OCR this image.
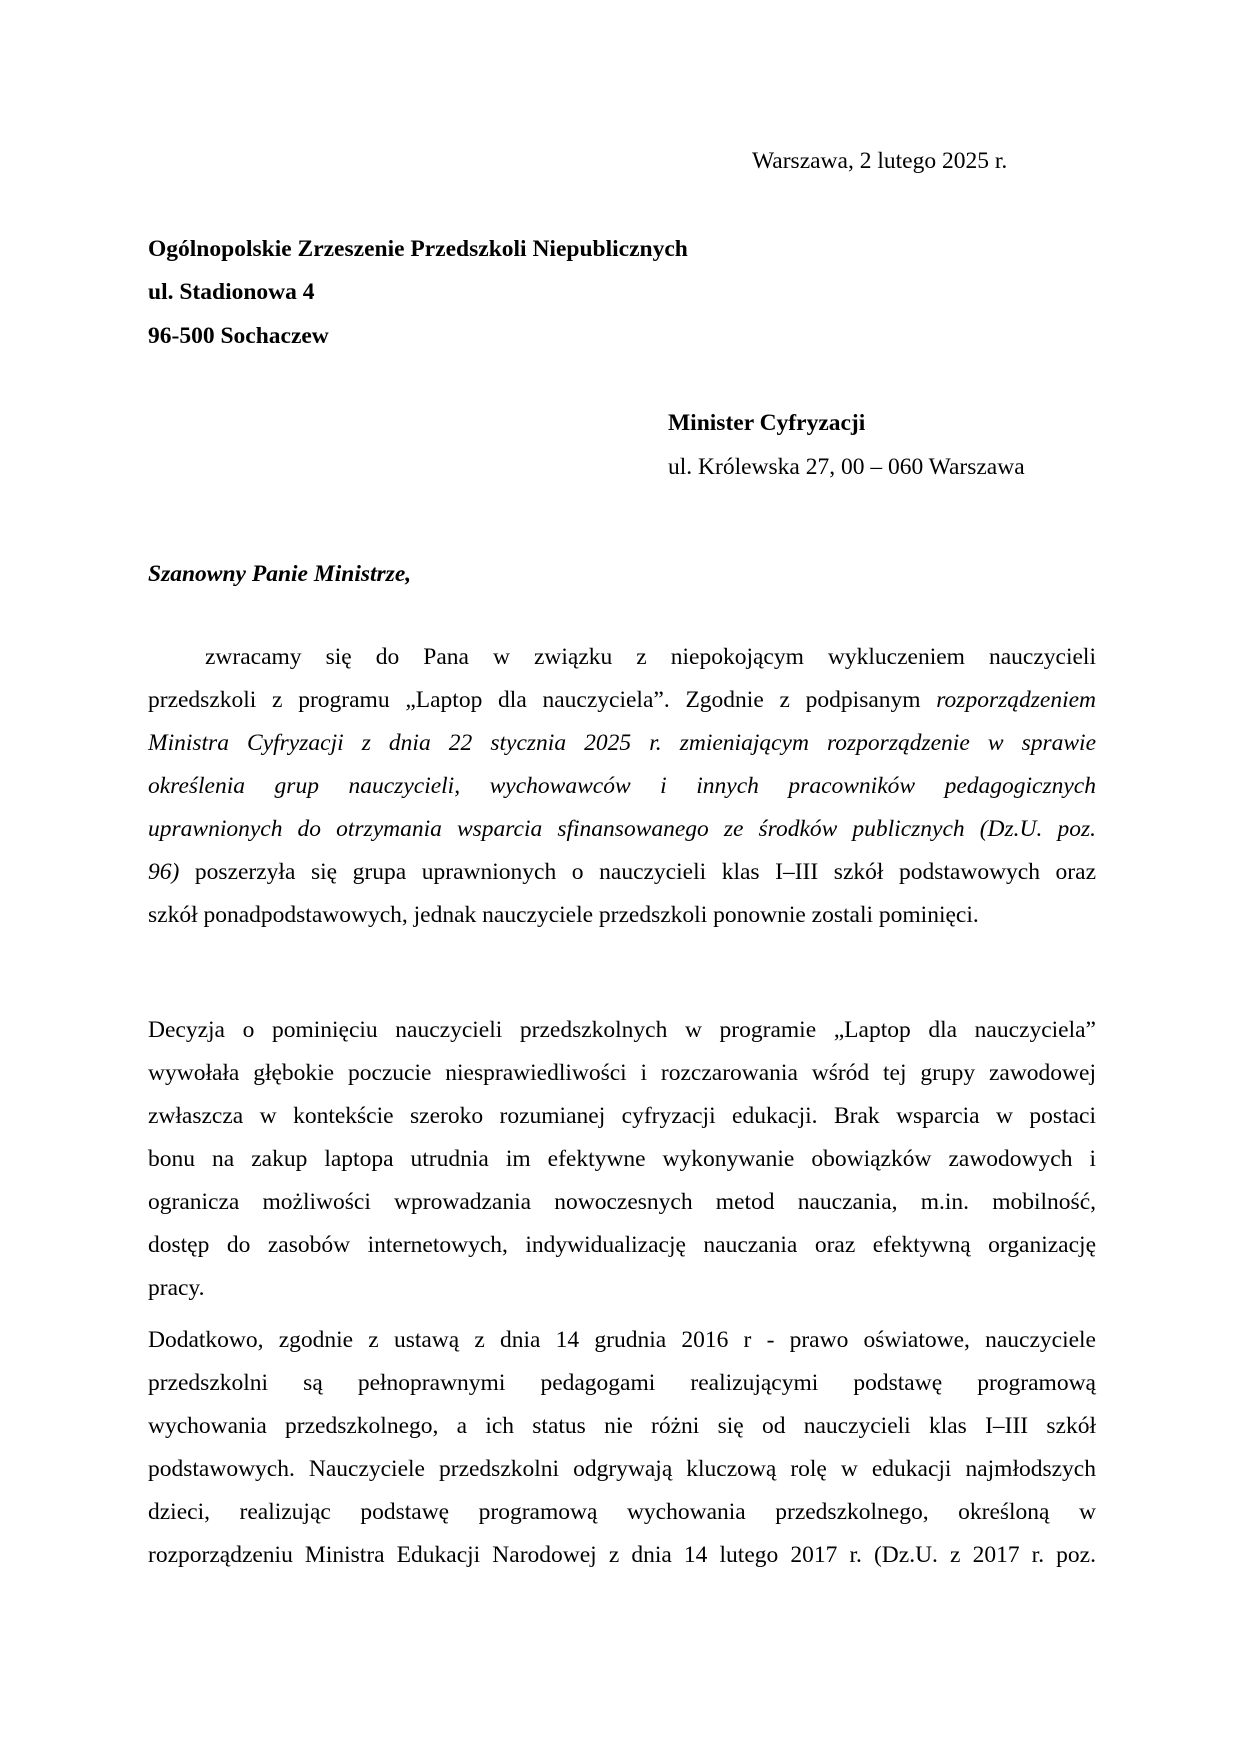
Warszawa, 2 lutego 2025 r.
Ogólnopolskie Zrzeszenie Przedszkoli Niepublicznych
ul. Stadionowa 4
96-500 Sochaczew
Minister Cyfryzacji
ul. Królewska 27, 00 – 060 Warszawa
Szanowny Panie Ministrze,
zwracamy się do Pana w związku z niepokojącym wykluczeniem nauczycieli
przedszkoli z programu „Laptop dla nauczyciela”. Zgodnie z podpisanym rozporządzeniem
Ministra Cyfryzacji z dnia 22 stycznia 2025 r. zmieniającym rozporządzenie w sprawie
określenia grup nauczycieli, wychowawców i innych pracowników pedagogicznych
uprawnionych do otrzymania wsparcia sfinansowanego ze środków publicznych (Dz.U. poz.
96) poszerzyła się grupa uprawnionych o nauczycieli klas I–III szkół podstawowych oraz
szkół ponadpodstawowych, jednak nauczyciele przedszkoli ponownie zostali pominięci.
Decyzja o pominięciu nauczycieli przedszkolnych w programie „Laptop dla nauczyciela”
wywołała głębokie poczucie niesprawiedliwości i rozczarowania wśród tej grupy zawodowej
zwłaszcza w kontekście szeroko rozumianej cyfryzacji edukacji. Brak wsparcia w postaci
bonu na zakup laptopa utrudnia im efektywne wykonywanie obowiązków zawodowych i
ogranicza możliwości wprowadzania nowoczesnych metod nauczania, m.in. mobilność,
dostęp do zasobów internetowych, indywidualizację nauczania oraz efektywną organizację
pracy.
Dodatkowo, zgodnie z ustawą z dnia 14 grudnia 2016 r - prawo oświatowe, nauczyciele
przedszkolni są pełnoprawnymi pedagogami realizującymi podstawę programową
wychowania przedszkolnego, a ich status nie różni się od nauczycieli klas I–III szkół
podstawowych. Nauczyciele przedszkolni odgrywają kluczową rolę w edukacji najmłodszych
dzieci, realizując podstawę programową wychowania przedszkolnego, określoną w
rozporządzeniu Ministra Edukacji Narodowej z dnia 14 lutego 2017 r. (Dz.U. z 2017 r. poz.
